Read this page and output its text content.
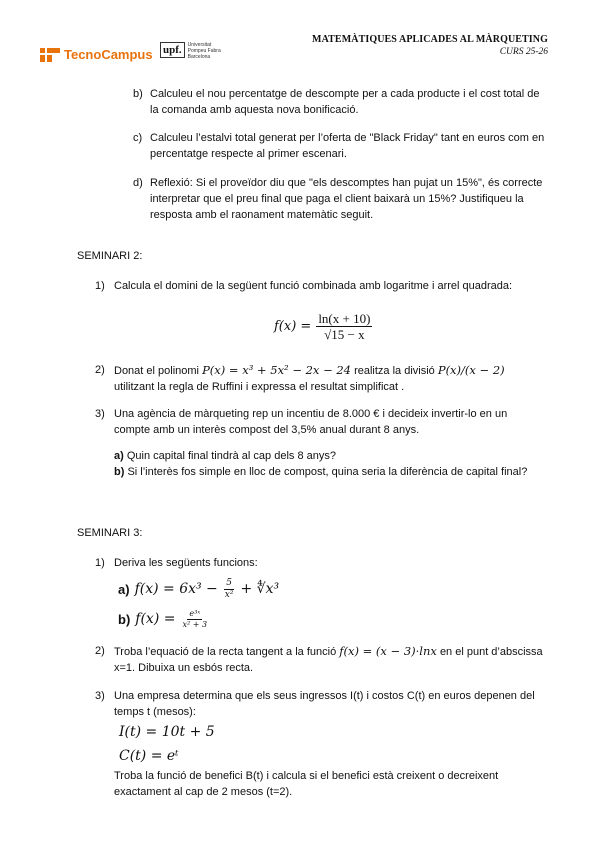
TecnoCampus upf.	Universitat
Pompeu Fabra
Barcelona
MATEMÀTIQUES APLICADES AL MÀRQUETING
CURS 25-26
b) Calculeu el nou percentatge de descompte per a cada producte i el cost total de
la comanda amb aquesta nova bonificació.
c) Calculeu l’estalvi total generat per l’oferta de "Black Friday" tant en euros com en
percentatge respecte al primer escenari.
d) Reflexió: Si el proveïdor diu que "els descomptes han pujat un 15%", és correcte
interpretar que el preu final que paga el client baixarà un 15%? Justifiqueu la
resposta amb el raonament matemàtic seguit.
SEMINARI 2:
1) Calcula el domini de la següent funció combinada amb logaritme i arrel quadrada:
$f(x) = \frac{\ln(x + 10)}{√15 - x}$
2) Donat el polinomi P(x) = x³ + 5x² − 2x − 24 realitza la divisió P(x)/(x − 2)
utilitzant la regla de Ruffini i expressa el resultat simplificat .
3) Una agència de màrqueting rep un incentiu de 8.000 € i decideix invertir-lo en un
compte amb un interès compost del 3,5% anual durant 8 anys.
a) Quin capital final tindrà al cap dels 8 anys?
b) Si l’interès fos simple en lloc de compost, quina seria la diferència de capital final?
SEMINARI 3:
1) Deriva les següents funcions:
a) $f(x) = 6x^3 - \frac{5}{\text{x²}}$ + ∜x³
b) $f(x) = \frac{\text{e³ˣ}}{\text{x² + 3}}$
2) Troba l’equació de la recta tangent a la funció f(x) = (x − 3)·lnx en el punt d’abscissa
x=1. Dibuixa un esbós recta.
3) Una empresa determina que els seus ingressos I(t) i costos C(t) en euros depenen del
temps t (mesos):
I(t) = 10t + 5
C(t) = eᵗ
Troba la funció de benefici B(t) i calcula si el benefici està creixent o decreixent
exactament al cap de 2 mesos (t=2).
